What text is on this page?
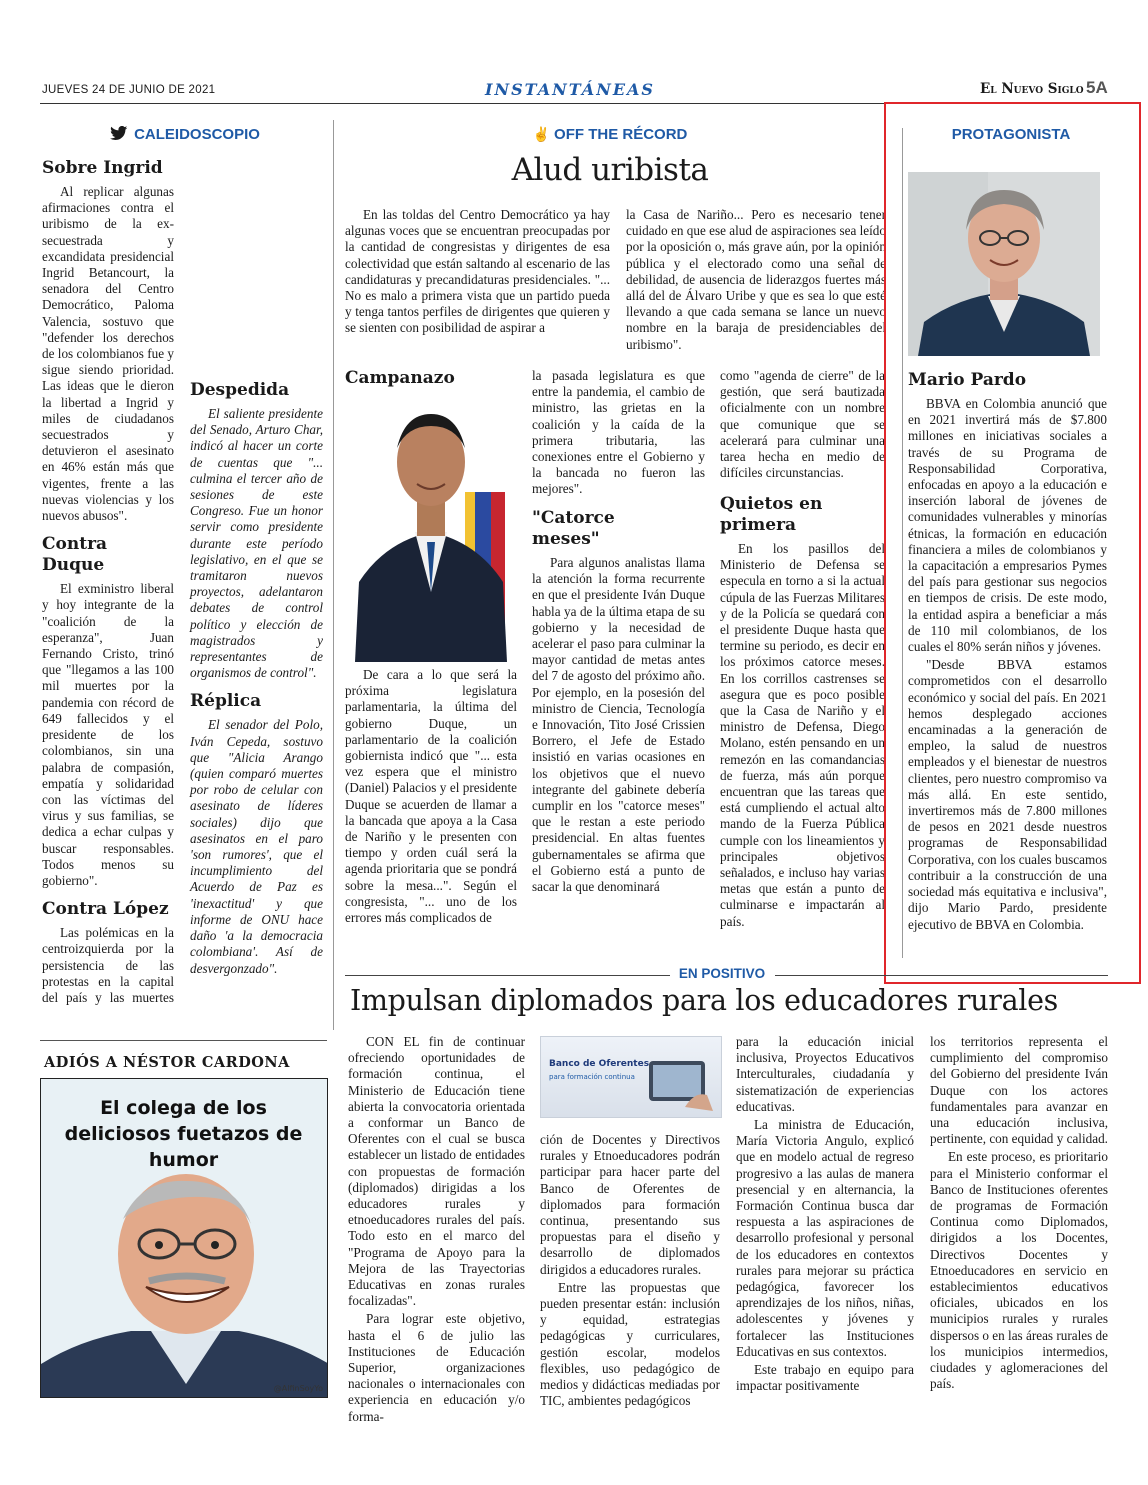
JUEVES 24 DE JUNIO DE 2021	INSTANTÁNEAS	El Nuevo Siglo 5A
CALEIDOSCOPIO
Sobre Ingrid

Al replicar algunas afirmaciones contra el uribismo de la ex-secuestrada y excandidata presidencial Ingrid Betancourt, la senadora del Centro Democrático, Paloma Valencia, sostuvo que "defender los derechos de los colombianos fue y sigue siendo prioridad. Las ideas que le dieron la libertad a Ingrid y miles de ciudadanos secuestrados y detuvieron el asesinato en 46% están más que vigentes, frente a las nuevas violencias y los nuevos abusos".

Contra Duque

El exministro liberal y hoy integrante de la "coalición de la esperanza", Juan Fernando Cristo, trinó que "llegamos a las 100 mil muertes por la pandemia con récord de 649 fallecidos y el presidente de los colombianos, sin una palabra de compasión, empatía y solidaridad con las víctimas del virus y sus familias, se dedica a echar culpas y buscar responsables. Todos menos su gobierno".

Contra López

Las polémicas en la centroizquierda por la persistencia de las protestas en la capital del país y las muertes

Despedida

El saliente presidente del Senado, Arturo Char, indicó al hacer un corte de cuentas que "... culmina el tercer año de sesiones de este Congreso. Fue un honor servir como presidente durante este período legislativo, en el que se tramitaron nuevos proyectos, adelantaron debates de control político y elección de magistrados y representantes de organismos de control".

Réplica

El senador del Polo, Iván Cepeda, sostuvo que "Alicia Arango (quien comparó muertes por robo de celular con asesinato de líderes sociales) dijo que asesinatos en el paro 'son rumores', que el incumplimiento del Acuerdo de Paz es 'inexactitud' y que informe de ONU hace daño 'a la democracia colombiana'. Así de desvergonzado".

ADIÓS A NÉSTOR CARDONA
El colega de los deliciosos fuetazos de humor
@AlfinSoyYo
✌ OFF THE RÉCORD
Alud uribista

En las toldas del Centro Democrático ya hay algunas voces que se encuentran preocupadas por la cantidad de congresistas y dirigentes de esa colectividad que están saltando al escenario de las candidaturas y precandidaturas presidenciales. "... No es malo a primera vista que un partido pueda y tenga tantos perfiles de dirigentes que quieren y se sienten con posibilidad de aspirar a

la Casa de Nariño... Pero es necesario tener cuidado en que ese alud de aspiraciones sea leído por la oposición o, más grave aún, por la opinión pública y el electorado como una señal de debilidad, de ausencia de liderazgos fuertes más allá del de Álvaro Uribe y que es sea lo que esté llevando a que cada semana se lance un nuevo nombre en la baraja de presidenciables del uribismo".

Campanazo

De cara a lo que será la próxima legislatura parlamentaria, la última del gobierno Duque, un parlamentario de la coalición gobiernista indicó que "... esta vez espera que el ministro (Daniel) Palacios y el presidente Duque se acuerden de llamar a la bancada que apoya a la Casa de Nariño y le presenten con tiempo y orden cuál será la agenda prioritaria que se pondrá sobre la mesa...". Según el congresista, "... uno de los errores más complicados de

la pasada legislatura es que entre la pandemia, el cambio de ministro, las grietas en la coalición y la caída de la primera tributaria, las conexiones entre el Gobierno y la bancada no fueron las mejores".

"Catorce meses"

Para algunos analistas llama la atención la forma recurrente en que el presidente Iván Duque habla ya de la última etapa de su gobierno y la necesidad de acelerar el paso para culminar la mayor cantidad de metas antes del 7 de agosto del próximo año. Por ejemplo, en la posesión del ministro de Ciencia, Tecnología e Innovación, Tito José Crissien Borrero, el Jefe de Estado insistió en varias ocasiones en los objetivos que el nuevo integrante del gabinete debería cumplir en los "catorce meses" que le restan a este periodo presidencial. En altas fuentes gubernamentales se afirma que el Gobierno está a punto de sacar la que denominará

como "agenda de cierre" de la gestión, que será bautizada oficialmente con un nombre que comunique que se acelerará para culminar una tarea hecha en medio de difíciles circunstancias.

Quietos en primera

En los pasillos del Ministerio de Defensa se especula en torno a si la actual cúpula de las Fuerzas Militares y de la Policía se quedará con el presidente Duque hasta que termine su periodo, es decir en los próximos catorce meses. En los corrillos castrenses se asegura que es poco posible que la Casa de Nariño y el ministro de Defensa, Diego Molano, estén pensando en un remezón en las comandancias de fuerza, más aún porque encuentran que las tareas que está cumpliendo el actual alto mando de la Fuerza Pública cumple con los lineamientos y principales objetivos señalados, e incluso hay varias metas que están a punto de culminarse e impactarán al país.

PROTAGONISTA
Mario Pardo

BBVA en Colombia anunció que en 2021 invertirá más de $7.800 millones en iniciativas sociales a través de su Programa de Responsabilidad Corporativa, enfocadas en apoyo a la educación e inserción laboral de jóvenes de comunidades vulnerables y minorías étnicas, la formación en educación financiera a miles de colombianos y la capacitación a empresarios Pymes del país para gestionar sus negocios en tiempos de crisis. De este modo, la entidad aspira a beneficiar a más de 110 mil colombianos, de los cuales el 80% serán niños y jóvenes.

"Desde BBVA estamos comprometidos con el desarrollo económico y social del país. En 2021 hemos desplegado acciones encaminadas a la generación de empleo, la salud de nuestros empleados y el bienestar de nuestros clientes, pero nuestro compromiso va más allá. En este sentido, invertiremos más de 7.800 millones de pesos en 2021 desde nuestros programas de Responsabilidad Corporativa, con los cuales buscamos contribuir a la construcción de una sociedad más equitativa e inclusiva", dijo Mario Pardo, presidente ejecutivo de BBVA en Colombia.

EN POSITIVO
Impulsan diplomados para los educadores rurales

CON EL fin de continuar ofreciendo oportunidades de formación continua, el Ministerio de Educación tiene abierta la convocatoria orientada a conformar un Banco de Oferentes con el cual se busca establecer un listado de entidades con propuestas de formación (diplomados) dirigidas a los educadores rurales y etnoeducadores rurales del país. Todo esto en el marco del "Programa de Apoyo para la Mejora de las Trayectorias Educativas en zonas rurales focalizadas".

Para lograr este objetivo, hasta el 6 de julio las Instituciones de Educación Superior, organizaciones nacionales o internacionales con experiencia en educación y/o forma-

Banco de Oferentes
para formación continua

ción de Docentes y Directivos rurales y Etnoeducadores podrán participar para hacer parte del Banco de Oferentes de diplomados para formación continua, presentando sus propuestas para el diseño y desarrollo de diplomados dirigidos a educadores rurales.

Entre las propuestas que pueden presentar están: inclusión y equidad, estrategias pedagógicas y curriculares, gestión escolar, modelos flexibles, uso pedagógico de medios y didácticas mediadas por TIC, ambientes pedagógicos

para la educación inicial inclusiva, Proyectos Educativos Interculturales, ciudadanía y sistematización de experiencias educativas.

La ministra de Educación, María Victoria Angulo, explicó que en modelo actual de regreso progresivo a las aulas de manera presencial y en alternancia, la Formación Continua busca dar respuesta a las aspiraciones de desarrollo profesional y personal de los educadores en contextos rurales para mejorar su práctica pedagógica, favorecer los aprendizajes de los niños, niñas, adolescentes y jóvenes y fortalecer las Instituciones Educativas en sus contextos.

Este trabajo en equipo para impactar positivamente

los territorios representa el cumplimiento del compromiso del Gobierno del presidente Iván Duque con los actores fundamentales para avanzar en una educación inclusiva, pertinente, con equidad y calidad.

En este proceso, es prioritario para el Ministerio conformar el Banco de Instituciones oferentes de programas de Formación Continua como Diplomados, dirigidos a los Docentes, Directivos Docentes y Etnoeducadores en servicio en establecimientos educativos oficiales, ubicados en los municipios rurales y rurales dispersos o en las áreas rurales de los municipios intermedios, ciudades y aglomeraciones del país.
